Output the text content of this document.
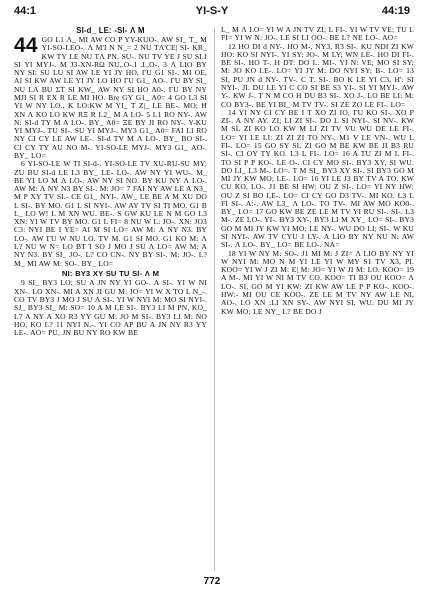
44:1	YI-S-Y	44:19
SI-d_ LE: -SI- Λ M
44 GO L1 Λ_ MI AW CO P YY-KUO-. AW SI_ T_ M YI-SO-LEO-. Λ M'I N N_= 2 NU TΛ'CE| SI- KR_ KW TY LE NU TΛ PN, SU-. NU TV YE J SU SI.J SI YI MYJ-. M J3-XN-RΩ NU,.O-.I .L.O-. 3 Λ LIO BY NY SI: SU LU SI AW LE YI JY HO, ΓU G1 SI-. MI OE, AI SI KW AW LE YI JY LO HO ΓU G1_ AO-. ΓU BY SI_ NU LΛ BU ΣT SI KW_ AW NY SI HO A0-. ΓU BY NY MJI SI R EX R LE MI HO. Bre GY G1_ A0= 4 GO L3 SI YI W NY LO., K LO:KW M YI_ T Z|_ LE BE-. MO; Ħ XN Λ KO LO KW RΞ R L2_ M A LO- 5 L1 RO NY-. AW N: SI-d TY M A LO-. BY_ A0= ΞE BY JI RO NY-. Y-KU YI MYJ-. TU SI-. SU YI MYJ-. MY3 G1_ A0= FAI LI RO NY CI CY LE AW LE-. SI-d TV M Λ LO-. BY_ BO SI-. CI CY TY AU NO M-. YI-SO-LE MYJ-. MY3 G1_ AO-. BY_ LO=

6 YI-SO-LE W TI SI-d-. YI-SO-LE TV XU-RU-SU MY; ZU BU SI-d LE L3 BY_ LE- LO-. AW NY YI WU-. M_ BE YI LO M Λ LO-. AW NY SI NO. BY KU NY Λ LO-. AW M: Λ NY N3 BY SI-. M: JO= 7 FAI NY AW LE A N3_ M P XY TV SI.- CE G1_ NYI-. AW_ LE BE A M XU DO L SI-. BY MO. G1 L SI NYI-. AW AY TV SI TI MO. G1 B L_ LO W! L M XN WU. BE-. S GW KU LE N M GO L3 XN: YI W TV BY MO. G1 L FI= 8 NU W L: JO-. XN: JO3 C3: NYI BE I YE= AI M SI LO= AW M: Λ NY N3. BY LO-. AW ΓU W NU LO. TV M. G1 SI MO. G1 KO M: Λ L? NU W N= LO BT Ί SO J MO J SU Λ LO= AW M: A NY N3. BY SI_ JO-. L? CO CN-. NY BY SI-. M: JO-. L? M_ MI AW M: SO-. BY_ LO=

NI: BY3 XY SU TU SI- Λ M

9 SI_ BY3 LO; SU A JN NY YI GO-. A SI-. YI W NI XN-. LO XN-. MI A XN JI GU M: JO= YI W X TO L N_-. CO TV BY3 J MO J SU Λ SI-. YI W NYI M: MO SI NYI-. SJ_ BY3 SI_ M: SO= 10 A M LE SI-. BY3 LI M PN, KO_ L7 A NY A XO R3 YY GU M: JO M SI-. BY3 LI M: NO HO, KO L? 11 NYI N,-. YI CO AP BU A JN NY R3 YY LE-. AO= PU, JN BU NY RO KW BE

L_ M Λ LO= YI W A JN TV ZI; L FI-. YI W TV VE; TU L FI= YI W N: JO-. LE SI LI OO-. BE L? NE LO-. AO=

12 HO DI d NY-. HO M-, NY3, R3 SI-. KU NDI ZI KW HO: KO SI NYI-. YI SY; JO-. M LY; WN LE-. HO DI FI-. BE SI-. HO T-. H DT: DO L. MI-. YI N: VE; MO SI SY; M: JO KO LE-. LO= YI JY M: DO NYI SY; B-. LO= 13 SI, PU JN d NY-. TV-. C T. SI-. BO K LE YI C3, H': SI NYI-. JI. DU LE YI C CO SI BE S3 YI-. SI YI MYJ-. AW Y-. KW J-. T N M CO H DU B3 SI-. XO J-. LO BE LI: M: CO BY3-. BE YI BI_ M TV TV-. SI ZE ZO LE FI-. LO=

14 YI NY CI CY BE I T XO ZI IO, ΓU KO SI-. XO P ZI-. A NY AY. ZI; LI ZI SI-. DO L SI NYI-. SI NV-. KW M SI, ZI KO LO KW M LI ZI TV VU WU DE LE FI-. LO= YI LE LI: ZI ZI ZI TO NY-. M1 V LE VN-. WU L FI-. LO= 15 GO SY SI, ZI GO M BE KW BE JI B3 RU SI-. CI OY TY KO. L3 L FI-. LO= 16 A TU ZI M L FI-. TO SI P P KO-. LE O-. CI CY MO SI-. BY3 XY, SI WU. DO LI_ L3 M-. LO=. T M SI_ BY3 XY SI-. SI BY3 GO M MI JY KW MO; LE-. LO= 16 YI LE J3 BY TV A TO. KW CU KO, LO-. J1 BE SI HW: OU Z SI-. LO= YI NY HW: OU Z SI BO LE-. LO= CI CY GO D3 TV-. MI KO. L3 L FI SI-. A:-. AW L3_ Λ LO-. TO TV-. MI AW MO KO0-. BY_ LO= 17 GO KW BE ZE LE M TV YI RU SI-. SI-. L3 M-. ZE LO-. YI-. BY3 XY-. BY3 LI M XY_ LO= SI-. BY3 GO M MI JY KW YI MO; LE NY-. WU DO LI; SI-. W KU SI NYI-. AW TV CYU J LY-. A LIO BY NY NU N: AW SI-. Λ LO-. BY_ LO= BE LO-. NA=

18 YI W NY M: SO-. J1 MI M: J ZI= Λ LIO BY NY YI W NYI M: MO N M YI LE YI W MY S1 TV X3, PI. KOO= YI W J ZI M: E| M: JO= YI W JI M: LO. KOO= 19 A M-. MI YI W NI M TV CO. KOO= TI B3 OU KOO= Λ LO-. SI, GO M YI KW: ZI KW AW LE P P KO-. KOO-. HW:- MI OU CE KOO-. ZE LE M TV NY AW LE NI, AO-. LO XN :LI XN SY-. AW NYI SI, WU. DU MI JY KW MO; LE NY_ L? BE DO J

772
